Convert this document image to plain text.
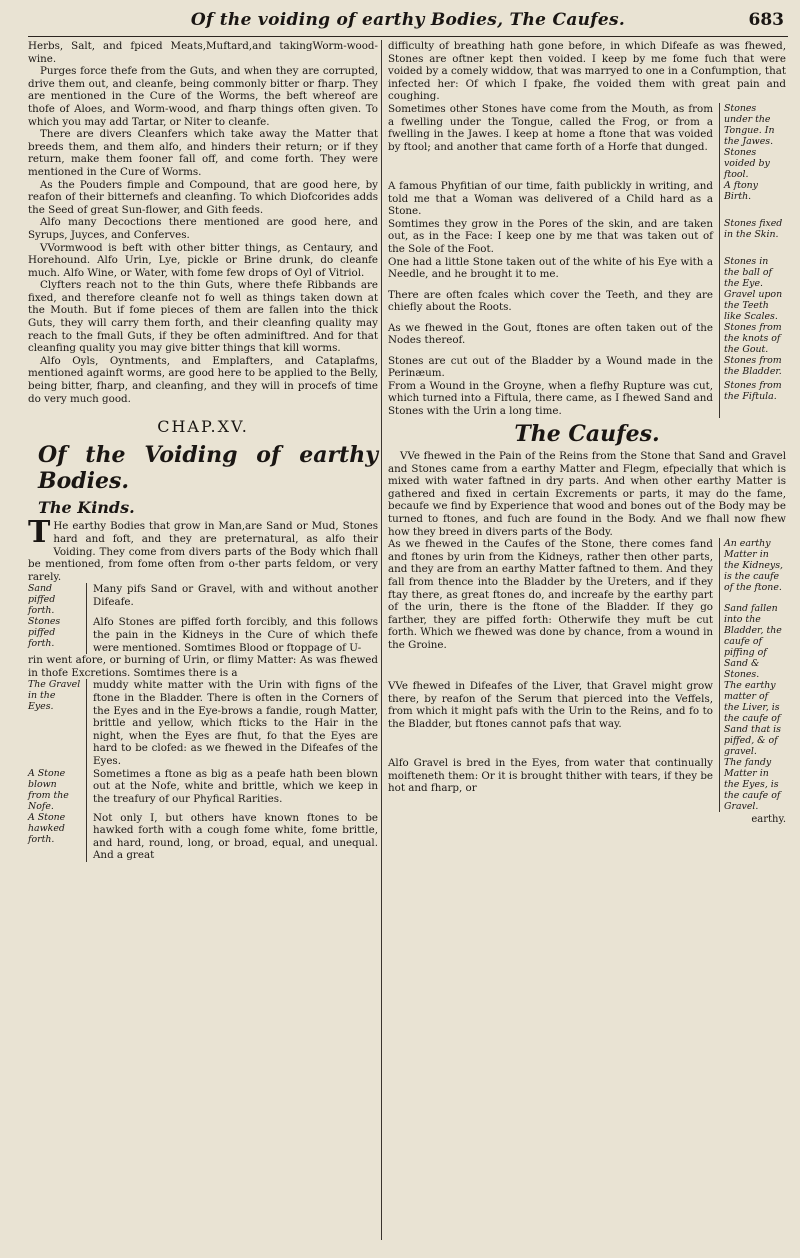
Of the voiding of earthy Bodies, The Caufes.	683

Herbs, Salt, and fpiced Meats,Muftard,and takingWorm-wood-wine.

Purges force thefe from the Guts, and when they are corrupted, drive them out, and cleanfe, being commonly bitter or fharp. They are mentioned in the Cure of the Worms, the beft whereof are thofe of Aloes, and Worm-wood, and fharp things often given. To which you may add Tartar, or Niter to cleanfe.

There are divers Cleanfers which take away the Matter that breeds them, and them alfo, and hinders their return; or if they return, make them fooner fall off, and come forth. They were mentioned in the Cure of Worms.

As the Pouders fimple and Compound, that are good here, by reafon of their bitternefs and cleanfing. To which Diofcorides adds the Seed of great Sun-flower, and Gith feeds.

Alfo many Decoctions there mentioned are good here, and Syrups, Juyces, and Conferves.

VVormwood is beft with other bitter things, as Centaury, and Horehound. Alfo Urin, Lye, pickle or Brine drunk, do cleanfe much. Alfo Wine, or Water, with fome few drops of Oyl of Vitriol.

Clyfters reach not to the thin Guts, where thefe Ribbands are fixed, and therefore cleanfe not fo well as things taken down at the Mouth. But if fome pieces of them are fallen into the thick Guts, they will carry them forth, and their cleanfing quality may reach to the fmall Guts, if they be often adminiftred. And for that cleanfing quality you may give bitter things that kill worms.

Alfo Oyls, Oyntments, and Emplafters, and Cataplafms, mentioned againft worms, are good here to be applied to the Belly, being bitter, fharp, and cleanfing, and they will in procefs of time do very much good.

CHAP.XV.
Of the Voiding of earthy Bodies.
The Kinds.

T He earthy Bodies that grow in Man,are Sand or Mud, Stones hard and foft, and they are preternatural, as alfo their Voiding. They come from divers parts of the Body which fhall be mentioned, from fome often from o-ther parts feldom, or very rarely.

Sand piffed forth.
Many pifs Sand or Gravel, with and without another Difeafe.
Stones piffed forth.
Alfo Stones are piffed forth forcibly, and this follows the pain in the Kidneys in the Cure of which thefe were mentioned. Somtimes Blood or ftoppage of U-

rin went afore, or burning of Urin, or flimy Matter: As was fhewed in thofe Excretions. Somtimes there is a

The Gravel in the Eyes.
muddy white matter with the Urin with figns of the ftone in the Bladder. There is often in the Corners of the Eyes and in the Eye-brows a fandie, rough Matter, brittle and yellow, which fticks to the Hair in the night, when the Eyes are fhut, fo that the Eyes are hard to be clofed: as we fhewed in the Difeafes of the Eyes.
A Stone blown from the Nofe.
Sometimes a ftone as big as a peafe hath been blown out at the Nofe, white and brittle, which we keep in the treafury of our Phyfical Rarities.
A Stone hawked forth.
Not only I, but others have known ftones to be hawked forth with a cough fome white, fome brittle, and hard, round, long, or broad, equal, and unequal. And a great

difficulty of breathing hath gone before, in which Difeafe as was fhewed, Stones are oftner kept then voided. I keep by me fome fuch that were voided by a comely widdow, that was marryed to one in a Confumption, that infected her: Of which I fpake, fhe voided them with great pain and coughing.

Sometimes other Stones have come from the Mouth, as from a fwelling under the Tongue, called the Frog, or from a fwelling in the Jawes. I keep at home a ftone that was voided by ftool; and another that came forth of a Horfe that dunged.
Stones under the Tongue. In the Jawes. Stones voided by ftool.
A famous Phyfitian of our time, faith publickly in writing, and told me that a Woman was delivered of a Child hard as a Stone.
A ftony Birth.
Somtimes they grow in the Pores of the skin, and are taken out, as in the Face: I keep one by me that was taken out of the Sole of the Foot.
Stones fixed in the Skin.
One had a little Stone taken out of the white of his Eye with a Needle, and he brought it to me.
Stones in the ball of the Eye.
There are often fcales which cover the Teeth, and they are chiefly about the Roots.
Gravel upon the Teeth like Scales.
As we fhewed in the Gout, ftones are often taken out of the Nodes thereof.
Stones from the knots of the Gout.
Stones are cut out of the Bladder by a Wound made in the Perinæum.
Stones from the Bladder.
From a Wound in the Groyne, when a flefhy Rupture was cut, which turned into a Fiftula, there came, as I fhewed Sand and Stones with the Urin a long time.
Stones from the Fiftula.
The Caufes.

VVe fhewed in the Pain of the Reins from the Stone that Sand and Gravel and Stones came from a earthy Matter and Flegm, efpecially that which is mixed with water faftned in dry parts. And when other earthy Matter is gathered and fixed in certain Excrements or parts, it may do the fame, becaufe we find by Experience that wood and bones out of the Body may be turned to ftones, and fuch are found in the Body. And we fhall now fhew how they breed in divers parts of the Body.

As we fhewed in the Caufes of the Stone, there comes fand and ftones by urin from the Kidneys, rather then other parts, and they are from an earthy Matter faftned to them. And they fall from thence into the Bladder by the Ureters, and if they ftay there, as great ftones do, and increafe by the earthy part of the urin, there is the ftone of the Bladder. If they go farther, they are piffed forth: Otherwife they muft be cut forth. Which we fhewed was done by chance, from a wound in the Groine.
An earthy Matter in the Kidneys, is the caufe of the ftone.
Sand fallen into the Bladder, the caufe of piffing of Sand & Stones.
VVe fhewed in Difeafes of the Liver, that Gravel might grow there, by reafon of the Serum that pierced into the Veffels, from which it might pafs with the Urin to the Reins, and fo to the Bladder, but ftones cannot pafs that way.
The earthy matter of the Liver, is the caufe of Sand that is piffed, & of gravel.
Alfo Gravel is bred in the Eyes, from water that continually moifteneth them: Or it is brought thither with tears, if they be hot and fharp, or
The fandy Matter in the Eyes, is the caufe of Gravel.
earthy.
